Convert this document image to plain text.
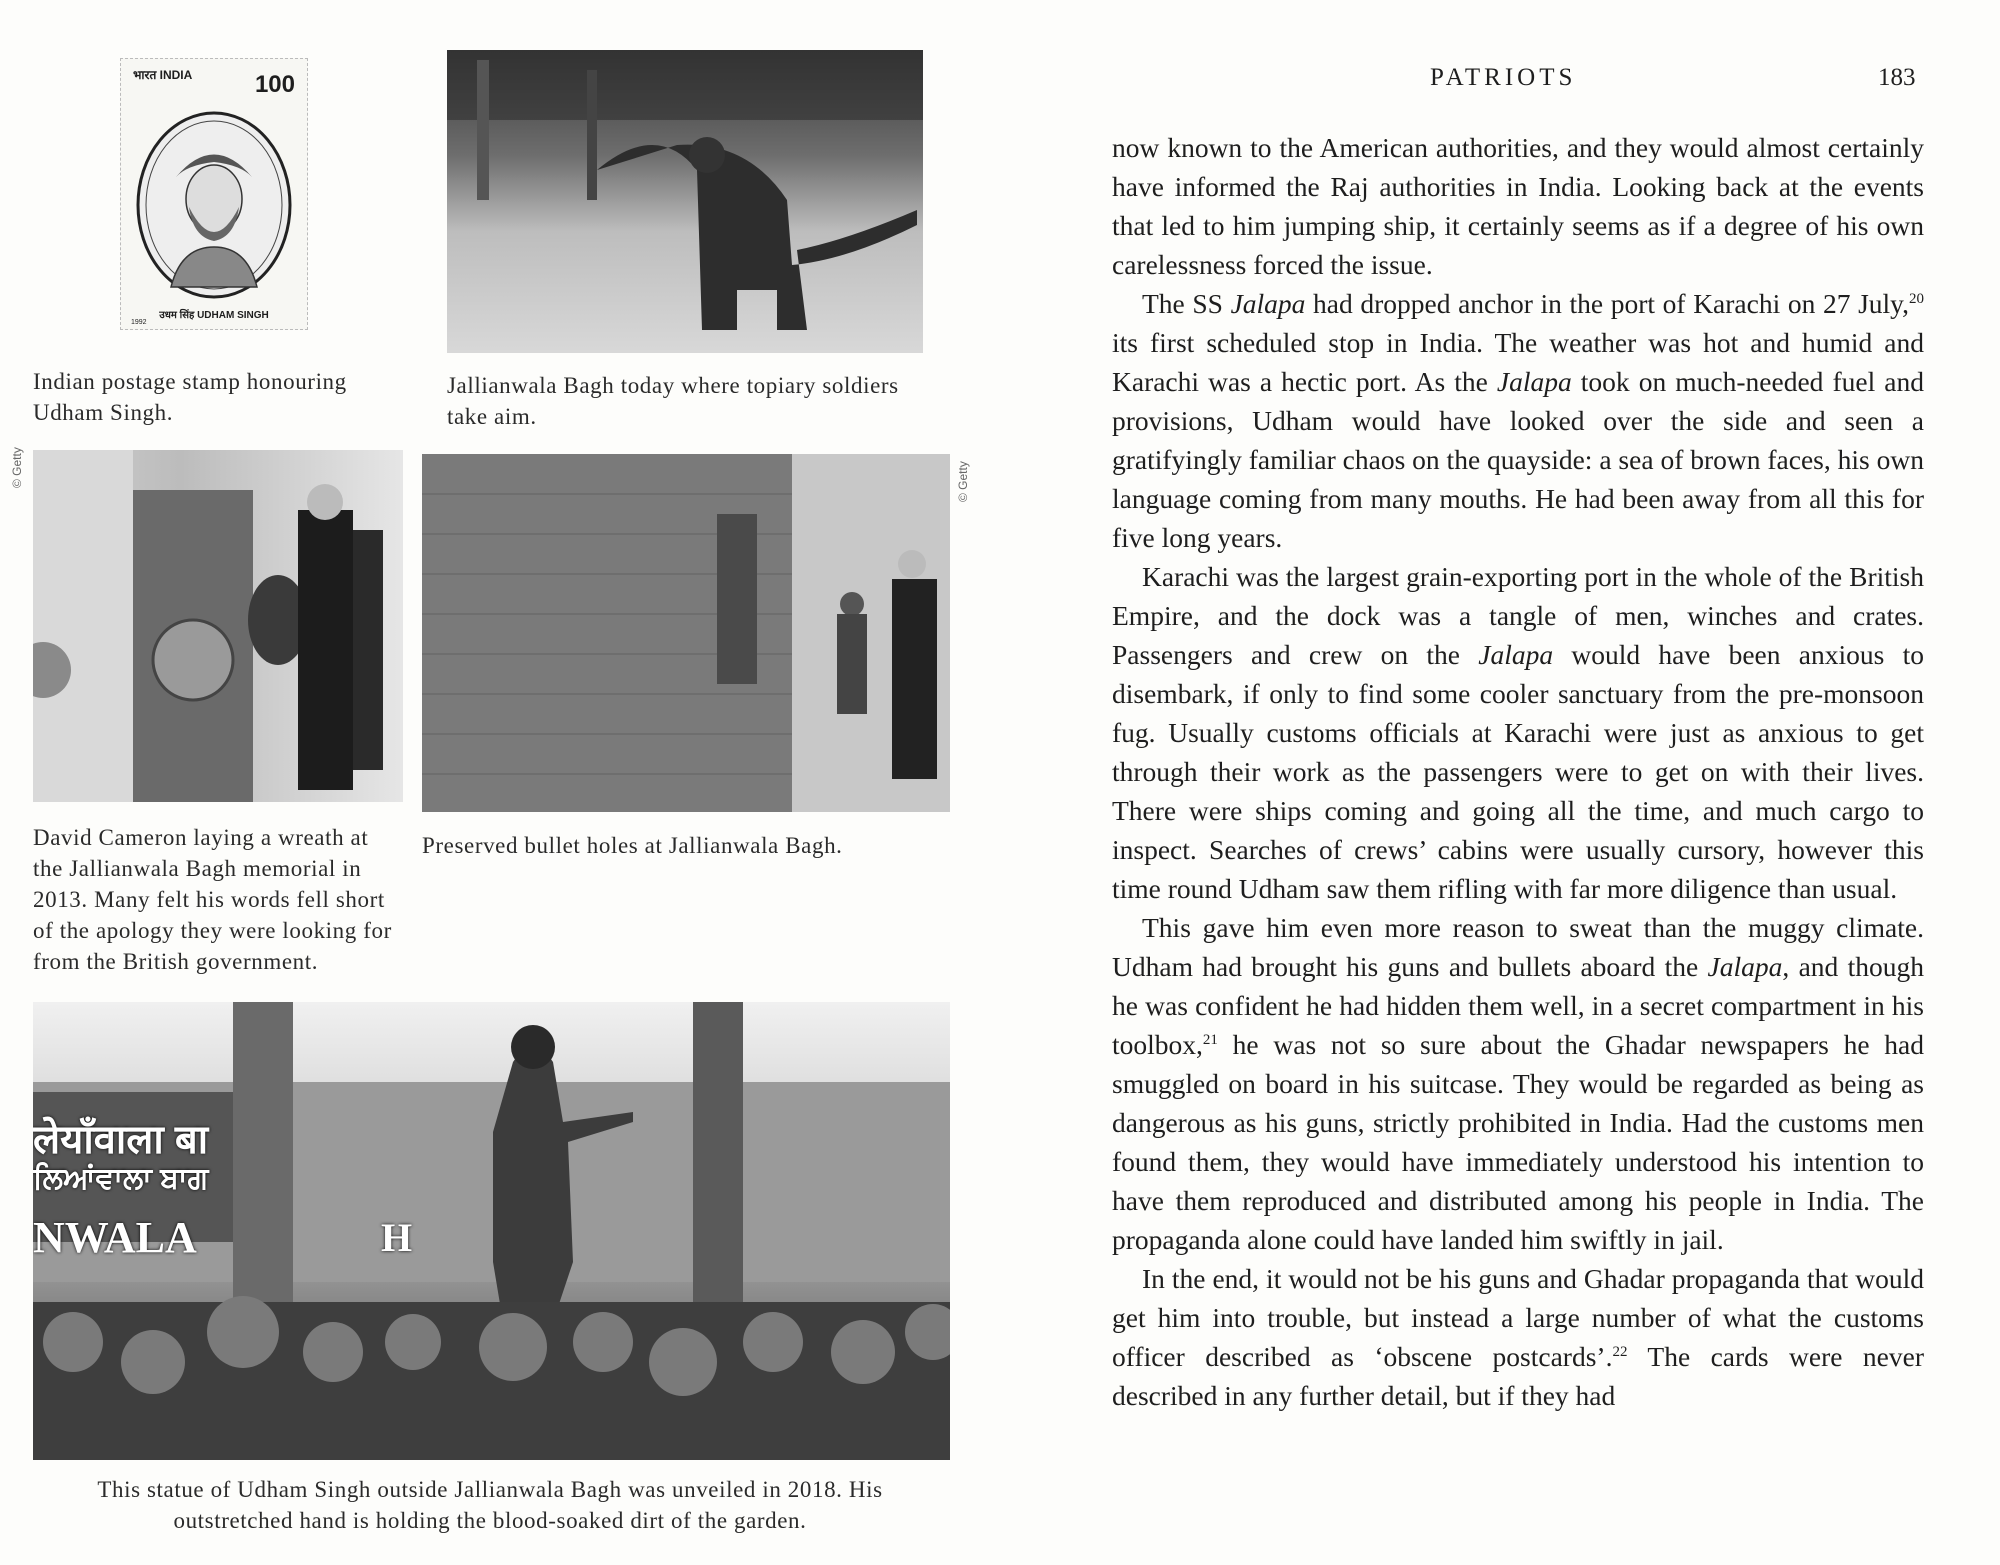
भारत INDIA	100
उधम सिंह UDHAM SINGH
1992
Indian postage stamp honouring Udham Singh.
Jallianwala Bagh today where topiary soldiers take aim.
© Getty	© Getty
David Cameron laying a wreath at the Jallianwala Bagh memorial in 2013. Many felt his words fell short of the apology they were looking for from the British government.
Preserved bullet holes at Jallianwala Bagh.
लेयाँवाला बा
ਲਿਆਂਵਾਲਾ ਬਾਗ
NWALA	H
This statue of Udham Singh outside Jallianwala Bagh was unveiled in 2018. His outstretched hand is holding the blood-soaked dirt of the garden.
PATRIOTS	183

now known to the American authorities, and they would almost certainly have informed the Raj authorities in India. Looking back at the events that led to him jumping ship, it certainly seems as if a degree of his own carelessness forced the issue.

The SS Jalapa had dropped anchor in the port of Karachi on 27 July,$^{20}$ its first scheduled stop in India. The weather was hot and humid and Karachi was a hectic port. As the Jalapa took on much-needed fuel and provisions, Udham would have looked over the side and seen a gratifyingly familiar chaos on the quayside: a sea of brown faces, his own language coming from many mouths. He had been away from all this for five long years.

Karachi was the largest grain-exporting port in the whole of the British Empire, and the dock was a tangle of men, winches and crates. Passengers and crew on the Jalapa would have been anxious to disembark, if only to find some cooler sanctuary from the pre-monsoon fug. Usually customs officials at Karachi were just as anxious to get through their work as the passengers were to get on with their lives. There were ships coming and going all the time, and much cargo to inspect. Searches of crews’ cabins were usually cursory, however this time round Udham saw them rifling with far more diligence than usual.

This gave him even more reason to sweat than the muggy climate. Udham had brought his guns and bullets aboard the Jalapa, and though he was confident he had hidden them well, in a secret compartment in his toolbox,$^{21}$ he was not so sure about the Ghadar newspapers he had smuggled on board in his suitcase. They would be regarded as being as dangerous as his guns, strictly prohibited in India. Had the customs men found them, they would have immediately understood his intention to have them reproduced and distributed among his people in India. The propaganda alone could have landed him swiftly in jail.

In the end, it would not be his guns and Ghadar propaganda that would get him into trouble, but instead a large number of what the customs officer described as ‘obscene postcards’.$^{22}$ The cards were never described in any further detail, but if they had
